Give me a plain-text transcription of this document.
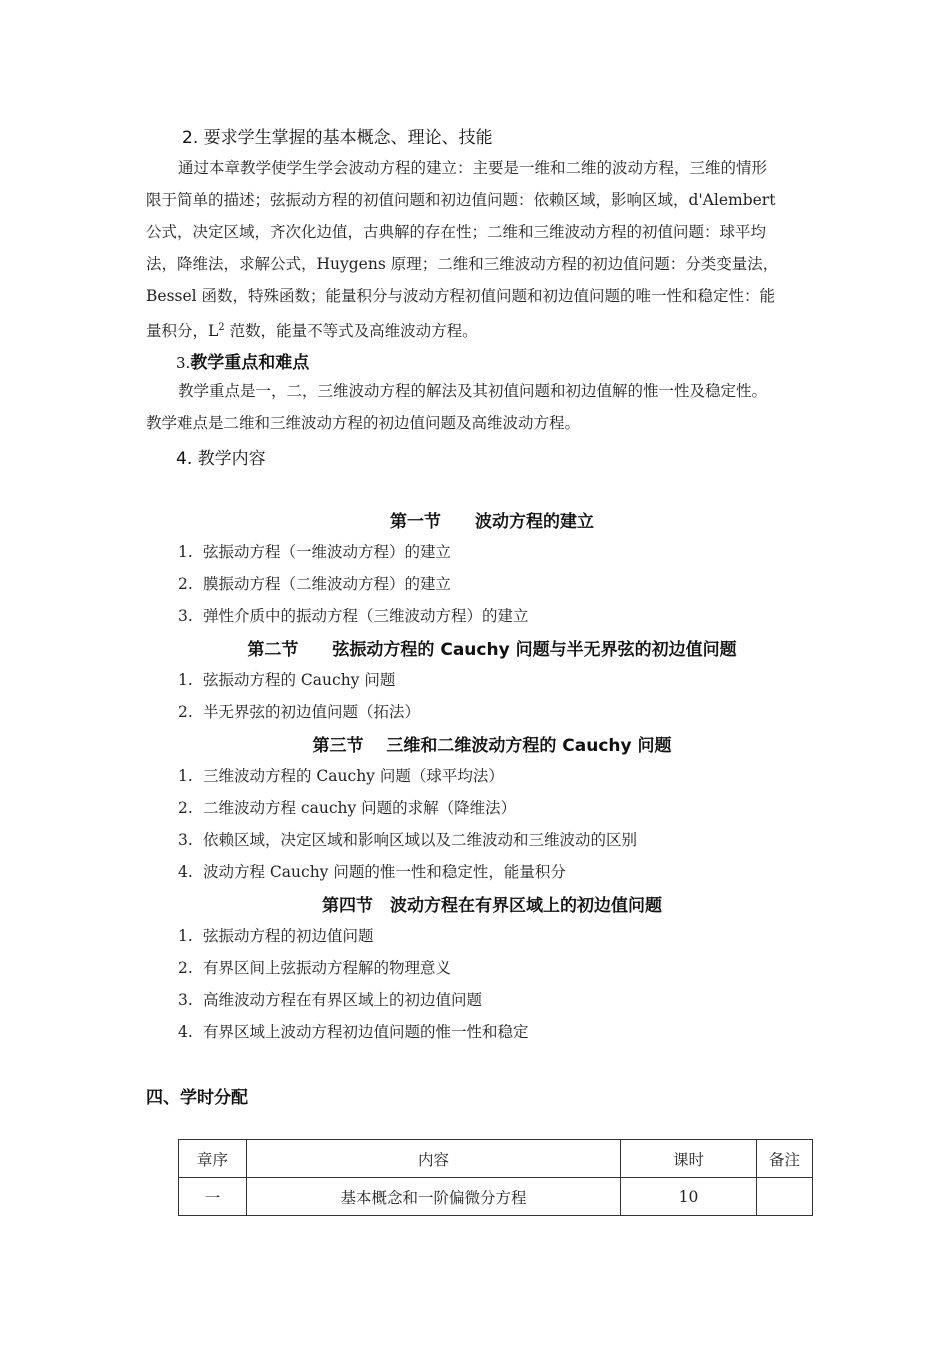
2. 要求学生掌握的基本概念、理论、技能
通过本章教学使学生学会波动方程的建立：主要是一维和二维的波动方程，三维的情形
限于简单的描述；弦振动方程的初值问题和初边值问题：依赖区域，影响区域，d'Alembert
公式，决定区域，齐次化边值，古典解的存在性；二维和三维波动方程的初值问题：球平均
法，降维法，求解公式，Huygens 原理；二维和三维波动方程的初边值问题：分类变量法，
Bessel 函数，特殊函数；能量积分与波动方程初值问题和初边值问题的唯一性和稳定性：能
量积分，$L^2$ 范数，能量不等式及高维波动方程。
3.教学重点和难点
教学重点是一，二，三维波动方程的解法及其初值问题和初边值解的惟一性及稳定性。
教学难点是二维和三维波动方程的初边值问题及高维波动方程。
4. 教学内容
第一节　　波动方程的建立
1. 弦振动方程（一维波动方程）的建立
2. 膜振动方程（二维波动方程）的建立
3. 弹性介质中的振动方程（三维波动方程）的建立
第二节　　弦振动方程的 Cauchy 问题与半无界弦的初边值问题
1. 弦振动方程的 Cauchy 问题
2. 半无界弦的初边值问题（拓法）
第三节　 三维和二维波动方程的 Cauchy 问题
1. 三维波动方程的 Cauchy 问题（球平均法）
2. 二维波动方程 cauchy 问题的求解（降维法）
3. 依赖区域，决定区域和影响区域以及二维波动和三维波动的区别
4. 波动方程 Cauchy 问题的惟一性和稳定性，能量积分
第四节　波动方程在有界区域上的初边值问题
1. 弦振动方程的初边值问题
2. 有界区间上弦振动方程解的物理意义
3. 高维波动方程在有界区域上的初边值问题
4. 有界区域上波动方程初边值问题的惟一性和稳定
四、学时分配
章序	内容	课时	备注
一	基本概念和一阶偏微分方程	10	
